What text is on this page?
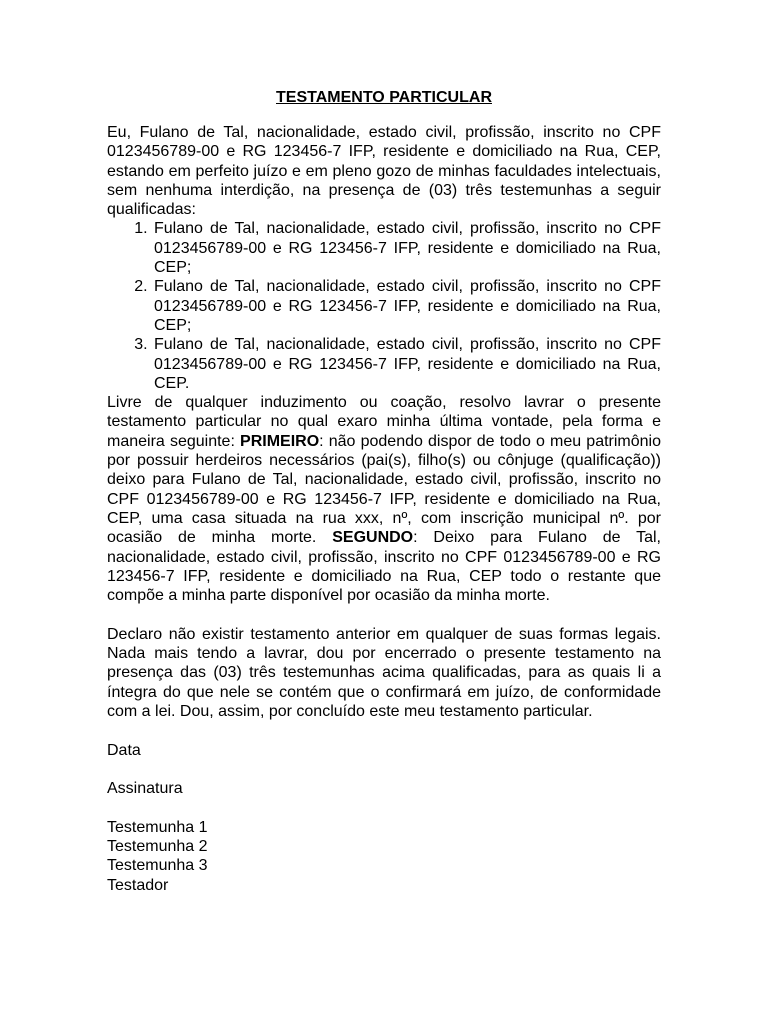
TESTAMENTO PARTICULAR

Eu, Fulano de Tal, nacionalidade, estado civil, profissão, inscrito no CPF 0123456789-00 e RG 123456-7 IFP, residente e domiciliado na Rua, CEP, estando em perfeito juízo e em pleno gozo de minhas faculdades intelectuais, sem nenhuma interdição, na presença de (03) três testemunhas a seguir qualificadas:

1. Fulano de Tal, nacionalidade, estado civil, profissão, inscrito no CPF 0123456789-00 e RG 123456-7 IFP, residente e domiciliado na Rua, CEP;
2. Fulano de Tal, nacionalidade, estado civil, profissão, inscrito no CPF 0123456789-00 e RG 123456-7 IFP, residente e domiciliado na Rua, CEP;
3. Fulano de Tal, nacionalidade, estado civil, profissão, inscrito no CPF 0123456789-00 e RG 123456-7 IFP, residente e domiciliado na Rua, CEP.

Livre de qualquer induzimento ou coação, resolvo lavrar o presente testamento particular no qual exaro minha última vontade, pela forma e maneira seguinte: PRIMEIRO: não podendo dispor de todo o meu patrimônio por possuir herdeiros necessários (pai(s), filho(s) ou cônjuge (qualificação)) deixo para Fulano de Tal, nacionalidade, estado civil, profissão, inscrito no CPF 0123456789-00 e RG 123456-7 IFP, residente e domiciliado na Rua, CEP, uma casa situada na rua xxx, nº, com inscrição municipal nº. por ocasião de minha morte. SEGUNDO: Deixo para Fulano de Tal, nacionalidade, estado civil, profissão, inscrito no CPF 0123456789-00 e RG 123456-7 IFP, residente e domiciliado na Rua, CEP todo o restante que compõe a minha parte disponível por ocasião da minha morte.

Declaro não existir testamento anterior em qualquer de suas formas legais. Nada mais tendo a lavrar, dou por encerrado o presente testamento na presença das (03) três testemunhas acima qualificadas, para as quais li a íntegra do que nele se contém que o confirmará em juízo, de conformidade com a lei. Dou, assim, por concluído este meu testamento particular.

Data

Assinatura

Testemunha 1

Testemunha 2

Testemunha 3

Testador
